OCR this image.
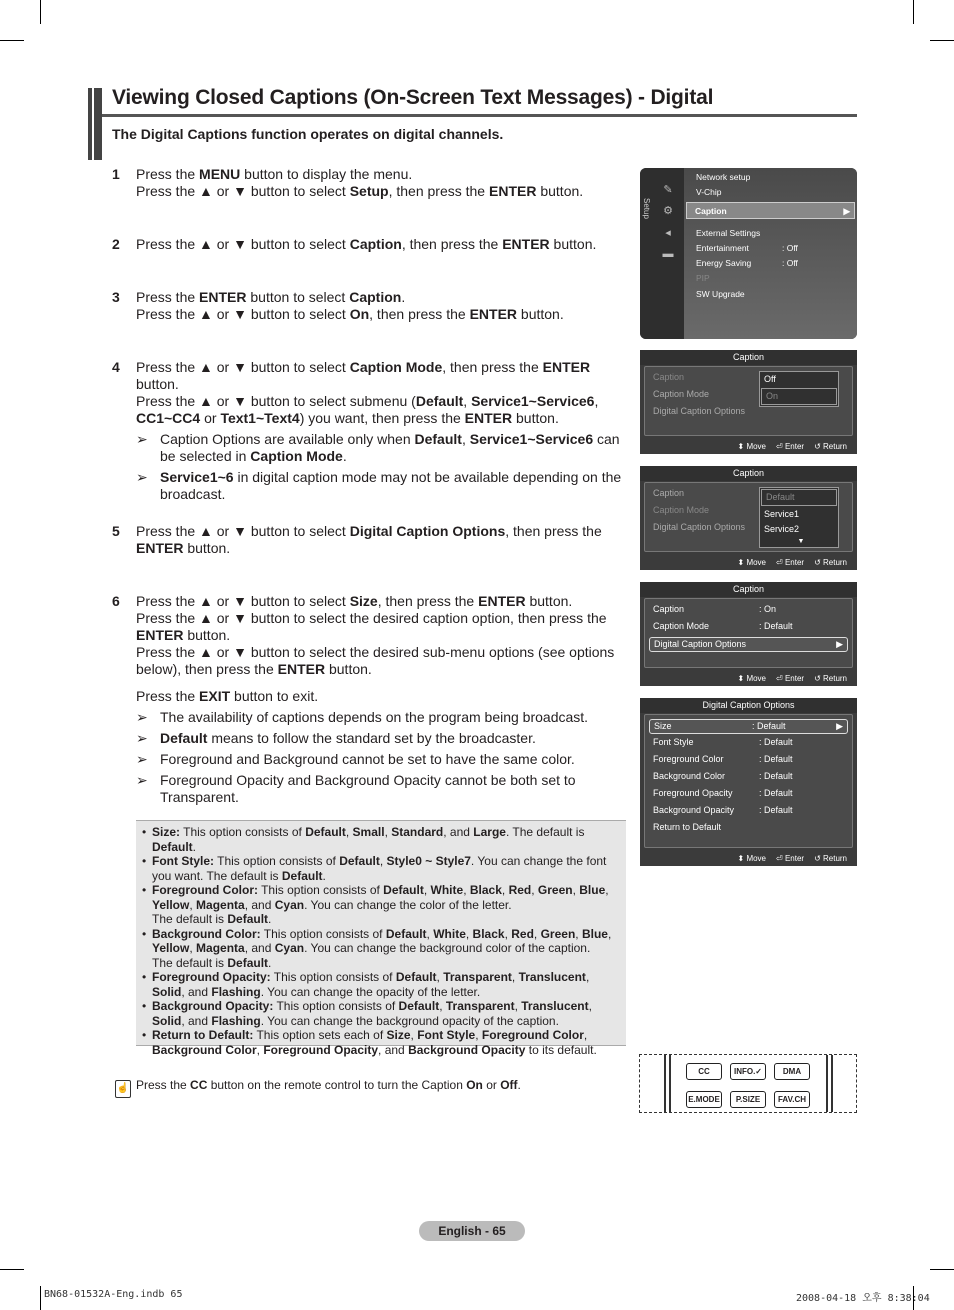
Viewing Closed Captions (On-Screen Text Messages) - Digital
The Digital Captions function operates on digital channels.
1 Press the MENU button to display the menu.
Press the ▲ or ▼ button to select Setup, then press the ENTER button.
2 Press the ▲ or ▼ button to select Caption, then press the ENTER button.
3 Press the ENTER button to select Caption.
Press the ▲ or ▼ button to select On, then press the ENTER button.
4 Press the ▲ or ▼ button to select Caption Mode, then press the ENTER button.
Press the ▲ or ▼ button to select submenu (Default, Service1~Service6,
CC1~CC4 or Text1~Text4) you want, then press the ENTER button.
➢ Caption Options are available only when Default, Service1~Service6 can be selected in Caption Mode.
➢ Service1~6 in digital caption mode may not be available depending on the broadcast.
5 Press the ▲ or ▼ button to select Digital Caption Options, then press the
ENTER button.
6 Press the ▲ or ▼ button to select Size, then press the ENTER button.
Press the ▲ or ▼ button to select the desired caption option, then press the
ENTER button.
Press the ▲ or ▼ button to select the desired sub-menu options (see options
below), then press the ENTER button.
Press the EXIT button to exit.
➢ The availability of captions depends on the program being broadcast.
➢ Default means to follow the standard set by the broadcaster.
➢ Foreground and Background cannot be set to have the same color.
➢ Foreground Opacity and Background Opacity cannot be both set to Transparent.
• Size: This option consists of Default, Small, Standard, and Large. The default is Default.
• Font Style: This option consists of Default, Style0 ~ Style7. You can change the font you want. The default is Default.
• Foreground Color: This option consists of Default, White, Black, Red, Green, Blue, Yellow, Magenta, and Cyan. You can change the color of the letter.
The default is Default.
• Background Color: This option consists of Default, White, Black, Red, Green, Blue, Yellow, Magenta, and Cyan. You can change the background color of the caption.
The default is Default.
• Foreground Opacity: This option consists of Default, Transparent, Translucent, Solid, and Flashing. You can change the opacity of the letter.
• Background Opacity: This option consists of Default, Transparent, Translucent, Solid, and Flashing. You can change the background opacity of the caption.
• Return to Default: This option sets each of Size, Font Style, Foreground Color, Background Color, Foreground Opacity, and Background Opacity to its default.
☝ Press the CC button on the remote control to turn the Caption On or Off.
Setup
✎
⚙
◂
▬
Network setup
V-Chip
Caption	▶
External Settings
Entertainment	: Off
Energy Saving	: Off
PIP
SW Upgrade
Caption
Caption
Caption Mode
Digital Caption Options
Off
On
⬍ Move ⏎ Enter ↺ Return
Caption
Caption
Caption Mode
Digital Caption Options
Default
Service1
Service2
▼
⬍ Move ⏎ Enter ↺ Return
Caption
Caption	: On
Caption Mode	: Default
Digital Caption Options	▶
⬍ Move ⏎ Enter ↺ Return
Digital Caption Options
Size	: Default	▶
Font Style	: Default
Foreground Color	: Default
Background Color	: Default
Foreground Opacity	: Default
Background Opacity	: Default
Return to Default
⬍ Move ⏎ Enter ↺ Return
CC	INFO.✓	DMA
E.MODE	P.SIZE	FAV.CH
English - 65
BN68-01532A-Eng.indb 65	2008-04-18 오후 8:38:04
